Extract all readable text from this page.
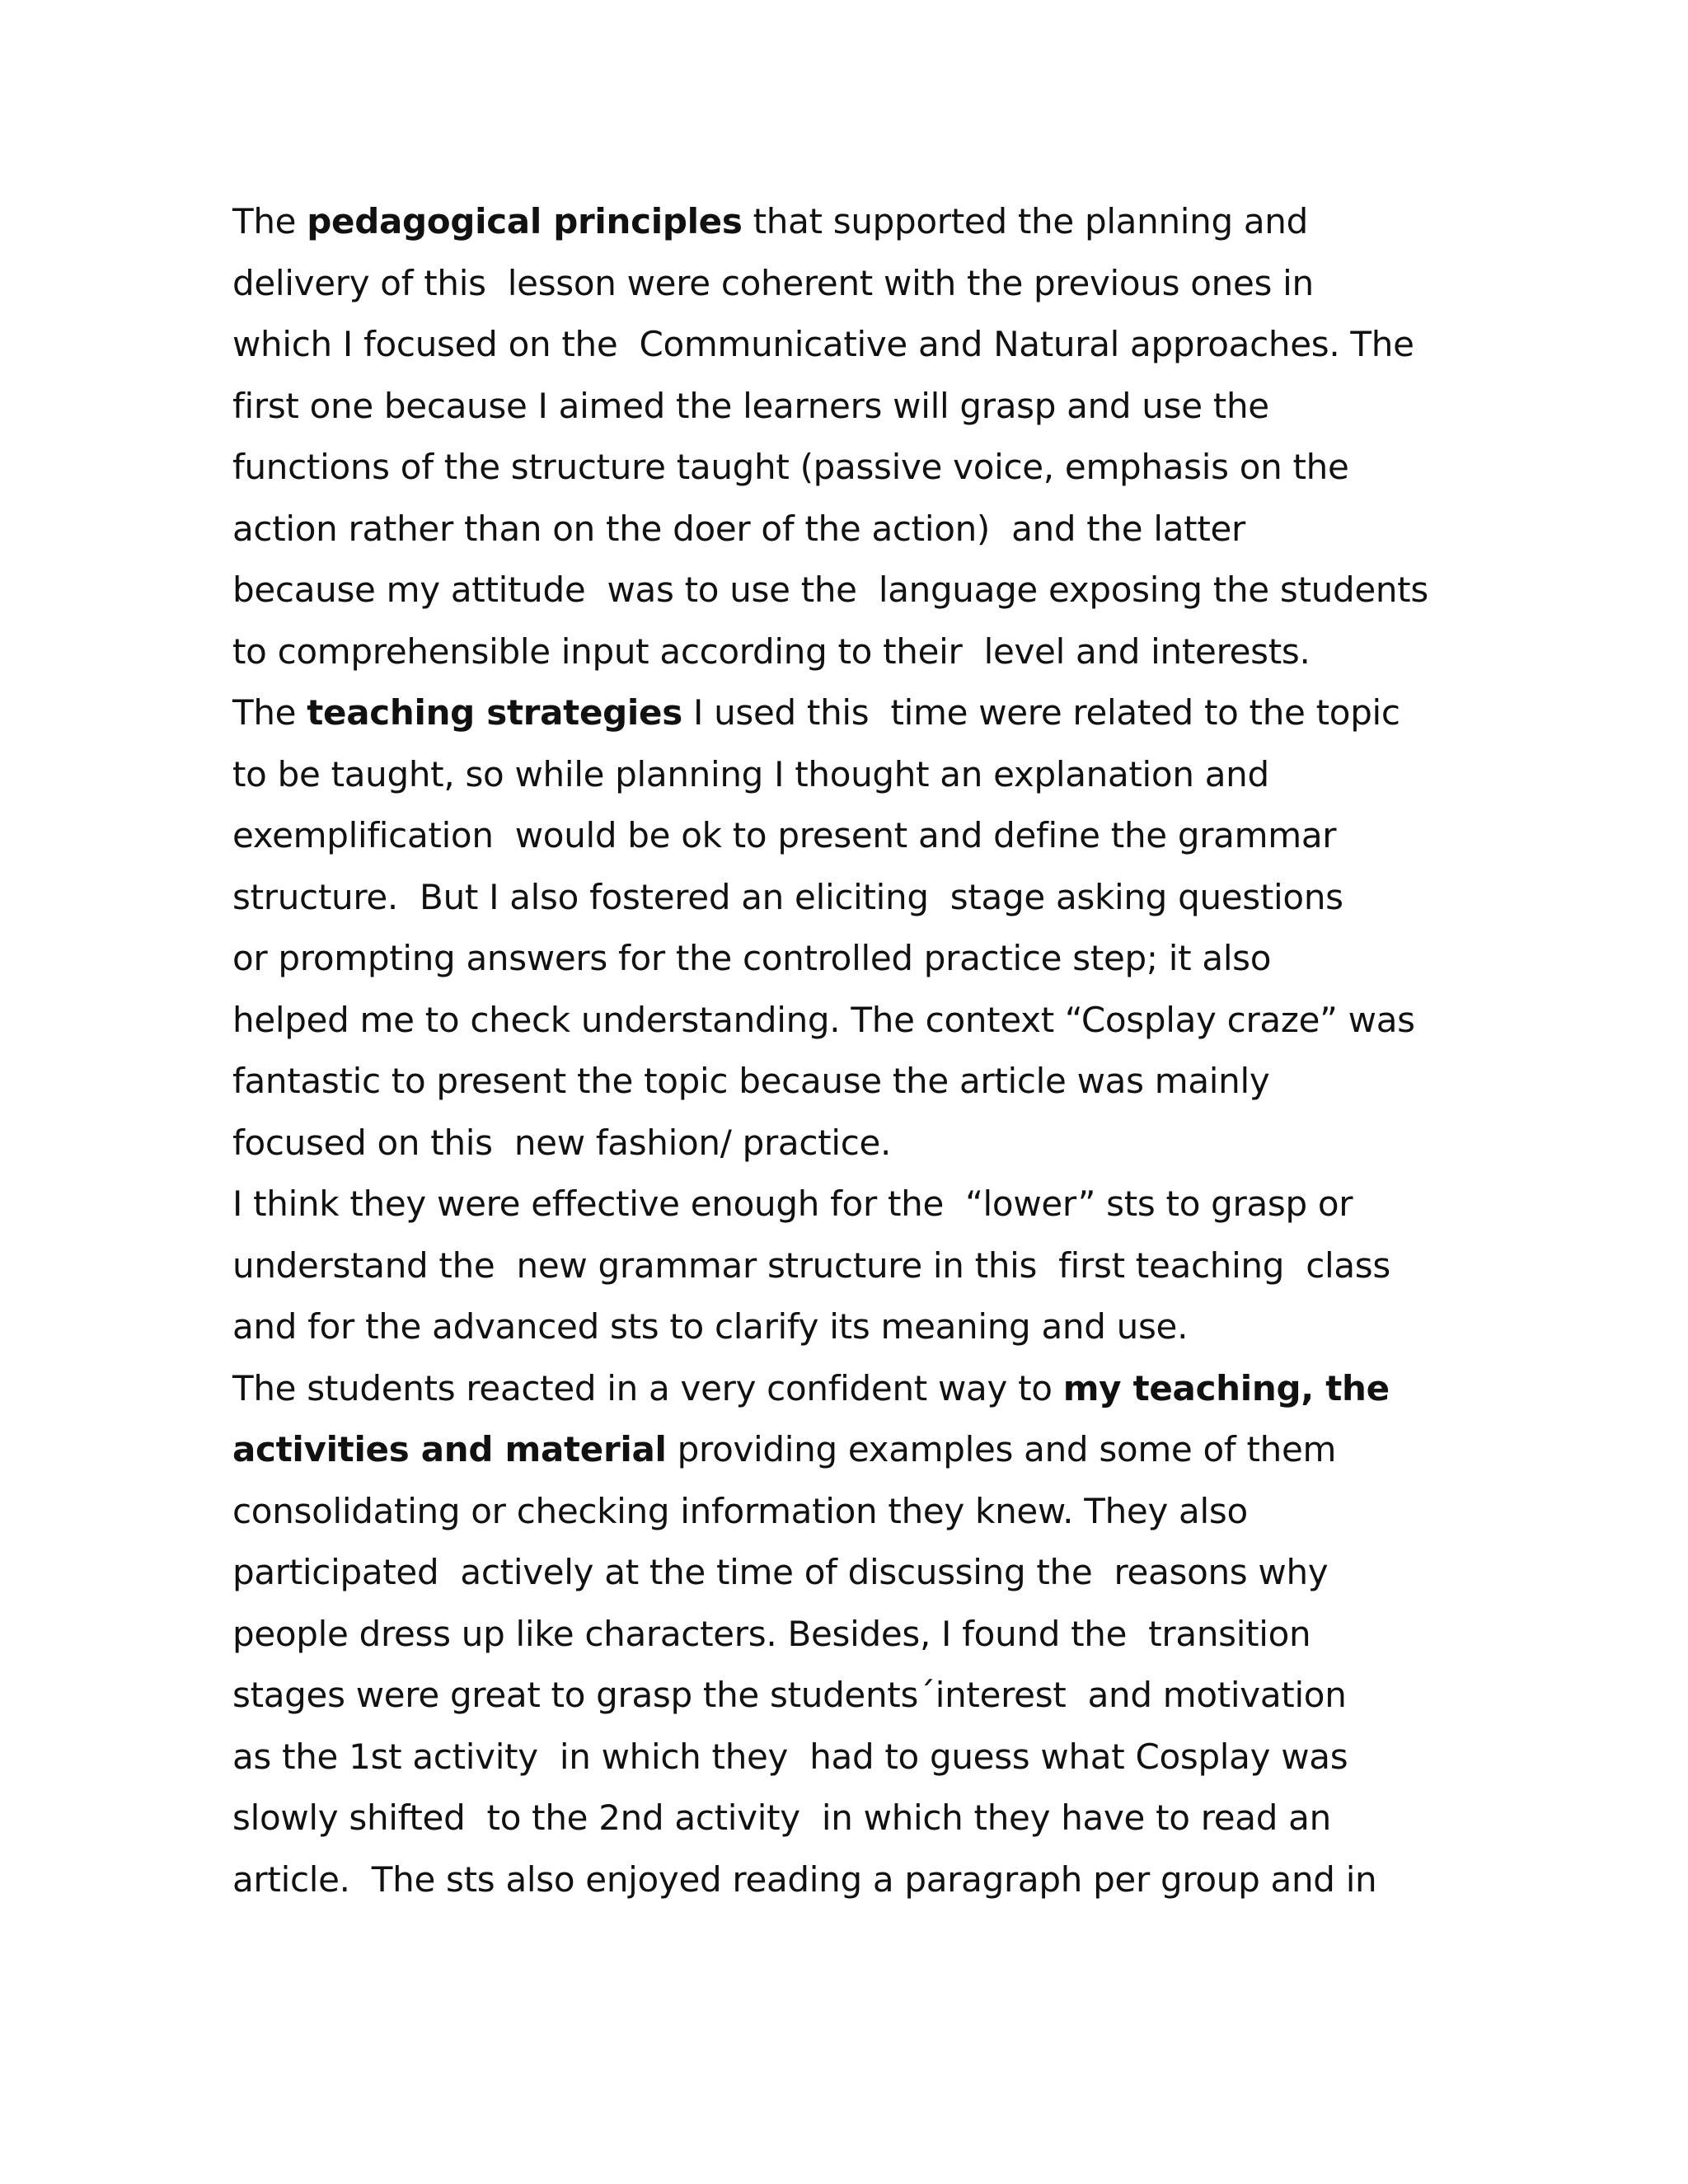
The pedagogical principles that supported the planning and
delivery of this  lesson were coherent with the previous ones in
which I focused on the  Communicative and Natural approaches. The
first one because I aimed the learners will grasp and use the
functions of the structure taught (passive voice, emphasis on the
action rather than on the doer of the action)  and the latter
because my attitude  was to use the  language exposing the students
to comprehensible input according to their  level and interests.
The teaching strategies I used this  time were related to the topic
to be taught, so while planning I thought an explanation and
exemplification  would be ok to present and define the grammar
structure.  But I also fostered an eliciting  stage asking questions
or prompting answers for the controlled practice step; it also
helped me to check understanding. The context “Cosplay craze” was
fantastic to present the topic because the article was mainly
focused on this  new fashion/ practice.
I think they were effective enough for the  “lower” sts to grasp or
understand the  new grammar structure in this  first teaching  class
and for the advanced sts to clarify its meaning and use.
The students reacted in a very confident way to my teaching, the
activities and material providing examples and some of them
consolidating or checking information they knew. They also
participated  actively at the time of discussing the  reasons why
people dress up like characters. Besides, I found the  transition
stages were great to grasp the students´interest  and motivation
as the 1st activity  in which they  had to guess what Cosplay was
slowly shifted  to the 2nd activity  in which they have to read an
article.  The sts also enjoyed reading a paragraph per group and in
